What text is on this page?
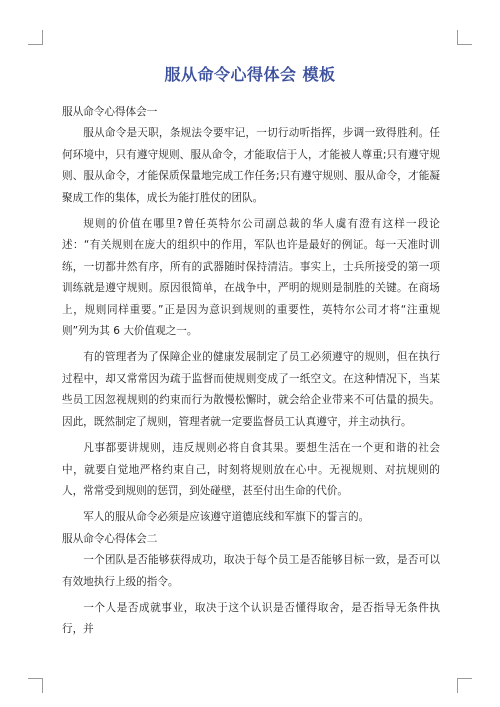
服从命令心得体会 模板

服从命令心得体会一

服从命令是天职，条规法令要牢记，一切行动听指挥，步调一致得胜利。任何环境中，只有遵守规则、服从命令，才能取信于人，才能被人尊重;只有遵守规则、服从命令，才能保质保量地完成工作任务;只有遵守规则、服从命令，才能凝聚成工作的集体，成长为能打胜仗的团队。

规则的价值在哪里?曾任英特尔公司副总裁的华人虞有澄有这样一段论述：“有关规则在庞大的组织中的作用，军队也许是最好的例证。每一天准时训练，一切都井然有序，所有的武器随时保持清洁。事实上，士兵所接受的第一项训练就是遵守规则。原因很简单，在战争中，严明的规则是制胜的关键。在商场上，规则同样重要。”正是因为意识到规则的重要性，英特尔公司才将“注重规则”列为其 6 大价值观之一。

有的管理者为了保障企业的健康发展制定了员工必须遵守的规则，但在执行过程中，却又常常因为疏于监督而使规则变成了一纸空文。在这种情况下，当某些员工因忽视规则的约束而行为散慢松懈时，就会给企业带来不可估量的损失。因此，既然制定了规则，管理者就一定要监督员工认真遵守，并主动执行。

凡事都要讲规则，违反规则必将自食其果。要想生活在一个更和谐的社会中，就要自觉地严格约束自己，时刻将规则放在心中。无视规则、对抗规则的人，常常受到规则的惩罚，到处碰壁，甚至付出生命的代价。

军人的服从命令必须是应该遵守道德底线和军旗下的誓言的。

服从命令心得体会二

一个团队是否能够获得成功，取决于每个员工是否能够目标一致，是否可以有效地执行上级的指令。

一个人是否成就事业，取决于这个认识是否懂得取舍，是否指导无条件执行，并
